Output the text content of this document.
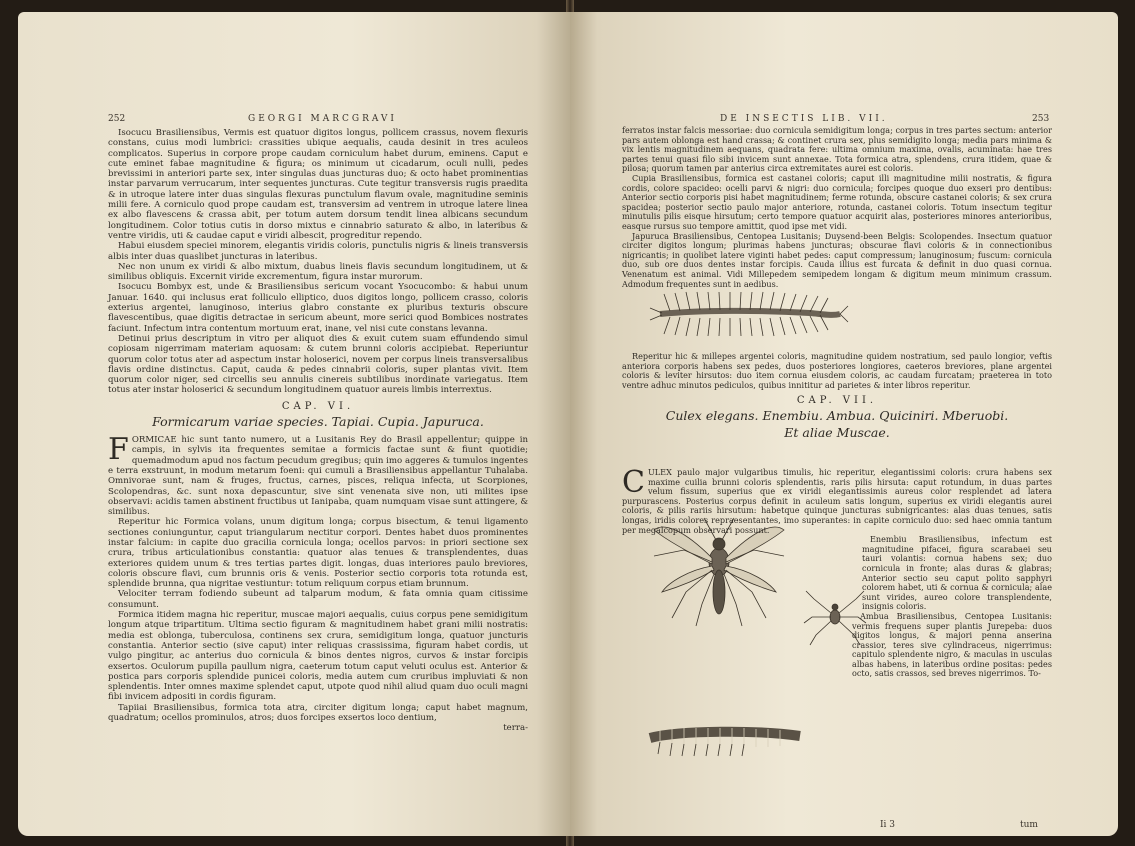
252	GEORGI MARCGRAVI

Isocucu Brasiliensibus, Vermis est quatuor digitos longus, pollicem crassus, novem flexuris constans, cuius modi lumbrici: crassities ubique aequalis, cauda desinit in tres aculeos complicatos. Superius in corpore prope caudam corniculum habet durum, eminens. Caput e cute eminet fabae magnitudine & figura; os minimum ut cicadarum, oculi nulli, pedes brevissimi in anteriori parte sex, inter singulas duas juncturas duo; & octo habet prominentias instar parvarum verrucarum, inter sequentes juncturas. Cute tegitur transversis rugis praedita & in utroque latere inter duas singulas flexuras punctulum flavum ovale, magnitudine seminis milii fere. A corniculo quod prope caudam est, transversim ad ventrem in utroque latere linea ex albo flavescens & crassa abit, per totum autem dorsum tendit linea albicans secundum longitudinem. Color totius cutis in dorso mixtus e cinnabrio saturato & albo, in lateribus & ventre viridis, uti & caudae caput e viridi albescit, progreditur rependo.

Habui eiusdem speciei minorem, elegantis viridis coloris, punctulis nigris & lineis transversis albis inter duas quaslibet juncturas in lateribus.

Nec non unum ex viridi & albo mixtum, duabus lineis flavis secundum longitudinem, ut & similibus obliquis. Excernit viride excrementum, figura instar murorum.

Isocucu Bombyx est, unde & Brasiliensibus sericum vocant Ysocucombo: & habui unum Januar. 1640. qui inclusus erat folliculo elliptico, duos digitos longo, pollicem crasso, coloris exterius argentei, lanuginoso, interius glabro constante ex pluribus texturis obscure flavescentibus, quae digitis detractae in sericum abeunt, more serici quod Bombices nostrates faciunt. Infectum intra contentum mortuum erat, inane, vel nisi cute constans levanna.

Detinui prius descriptum in vitro per aliquot dies & exuit cutem suam effundendo simul copiosam nigerrimam materiam aquosam: & cutem brunni coloris accipiebat. Reperiuntur quorum color totus ater ad aspectum instar holoserici, novem per corpus lineis transversalibus flavis ordine distinctus. Caput, cauda & pedes cinnabrii coloris, super plantas vivit. Item quorum color niger, sed circellis seu annulis cinereis subtilibus inordinate variegatus. Item totus ater instar holoserici & secundum longitudinem quatuor aureis limbis interrextus.

CAP. VI.
Formicarum variae species. Tapiai. Cupia. Japuruca.

FORMICAE hic sunt tanto numero, ut a Lusitanis Rey do Brasil appellentur; quippe in campis, in sylvis ita frequentes semitae a formicis factae sunt & fiunt quotidie; quemadmodum apud nos factum pecudum gregibus; quin imo aggeres & tumulos ingentes e terra exstruunt, in modum metarum foeni: qui cumuli a Brasiliensibus appellantur Tuhalaba. Omnivorae sunt, nam & fruges, fructus, carnes, pisces, reliqua infecta, ut Scorpiones, Scolopendras, &c. sunt noxa depascuntur, sive sint venenata sive non, uti milites ipse observavi: acidis tamen abstinent fructibus ut Ianipaba, quam numquam visae sunt attingere, & similibus.

Reperitur hic Formica volans, unum digitum longa; corpus bisectum, & tenui ligamento sectiones coniunguntur, caput triangularum nectitur corpori. Dentes habet duos prominentes instar falcium: in capite duo gracilia cornicula longa; ocellos parvos: in priori sectione sex crura, tribus articulationibus constantia: quatuor alas tenues & transplendentes, duas exteriores quidem unum & tres tertias partes digit. longas, duas interiores paulo breviores, coloris obscure flavi, cum brunnis oris & venis. Posterior sectio corporis tota rotunda est, splendide brunna, qua nigritae vestiuntur: totum reliquum corpus etiam brunnum.

Velociter terram fodiendo subeunt ad talparum modum, & fata omnia quam citissime consumunt.

Formica itidem magna hic reperitur, muscae majori aequalis, cuius corpus pene semidigitum longum atque tripartitum. Ultima sectio figuram & magnitudinem habet grani milii nostratis: media est oblonga, tuberculosa, continens sex crura, semidigitum longa, quatuor juncturis constantia. Anterior sectio (sive caput) inter reliquas crassissima, figuram habet cordis, ut vulgo pingitur, ac anterius duo cornicula & binos dentes nigros, curvos & instar forcipis exsertos. Oculorum pupilla paullum nigra, caeterum totum caput veluti oculus est. Anterior & postica pars corporis splendide punicei coloris, media autem cum cruribus impluviati & non splendentis. Inter omnes maxime splendet caput, utpote quod nihil aliud quam duo oculi magni fibi invicem adpositi in cordis figuram.

Tapiiai Brasiliensibus, formica tota atra, circiter digitum longa; caput habet magnum, quadratum; ocellos prominulos, atros; duos forcipes exsertos loco dentium,

terra-
DE INSECTIS LIB. VII.	253

ferratos instar falcis messoriae: duo cornicula semidigitum longa; corpus in tres partes sectum: anterior pars autem oblonga est hand crassa; & continet crura sex, plus semidigito longa; media pars minima & vix lentis magnitudinem aequans, quadrata fere: ultima omnium maxima, ovalis, acuminata: hae tres partes tenui quasi filo sibi invicem sunt annexae. Tota formica atra, splendens, crura itidem, quae & pilosa; quorum tamen par anterius circa extremitates aurei est coloris.

Cupia Brasiliensibus, formica est castanei coloris; caput illi magnitudine milii nostratis, & figura cordis, colore spacideo: ocelli parvi & nigri: duo cornicula; forcipes quoque duo exseri pro dentibus: Anterior sectio corporis pisi habet magnitudinem; ferme rotunda, obscure castanei coloris; & sex crura spacidea; posterior sectio paulo major anteriore, rotunda, castanei coloris. Totum insectum tegitur minutulis pilis eisque hirsutum; certo tempore quatuor acquirit alas, posteriores minores anterioribus, easque rursus suo tempore amittit, quod ipse met vidi.

Japuruca Brasiliensibus, Centopea Lusitanis; Duysend-been Belgis: Scolopendes. Insectum quatuor circiter digitos longum; plurimas habens juncturas; obscurae flavi coloris & in connectionibus nigricantis; in quolibet latere viginti habet pedes: caput compressum; lanuginosum; fuscum: cornicula duo, sub ore duos dentes instar forcipis. Cauda illius est furcata & definit in duo quasi cornua. Venenatum est animal. Vidi Millepedem semipedem longam & digitum meum minimum crassum. Admodum frequentes sunt in aedibus.

Reperitur hic & millepes argentei coloris, magnitudine quidem nostratium, sed paulo longior, veftis anteriora corporis habens sex pedes, duos posteriores longiores, caeteros breviores, plane argentei coloris & leviter hirsutos: duo item cornua eiusdem coloris, ac caudam furcatam; praeterea in toto ventre adhuc minutos pediculos, quibus innititur ad parietes & inter libros reperitur.

CAP. VII.
Culex elegans. Enembiu. Ambua. Quiciniri. Mberuobi.
Et aliae Muscae.

CULEX paulo major vulgaribus timulis, hic reperitur, elegantissimi coloris: crura habens sex maxime cuilia brunni coloris splendentis, raris pilis hirsuta: caput rotundum, in duas partes velum fissum, superius que ex viridi elegantissimis aureus color resplendet ad latera purpurascens. Posterius corpus definit in aculeum satis longum, superius ex viridi elegantis aurei coloris, & pilis rariis hirsutum: habetque quinque juncturas subnigricantes: alas duas tenues, satis longas, iridis colores repraesentantes, imo superantes: in capite corniculo duo: sed haec omnia tantum per megalcopum observari possunt.

Enembiu Brasiliensibus, infectum est magnitudine pifacei, figura scarabaei seu tauri volantis: cornua habens sex; duo cornicula in fronte; alas duras & glabras; Anterior sectio seu caput polito sapphyri colorem habet, uti & cornua & cornicula; alae sunt virides, aureo colore transplendente, insignis coloris.

Ambua Brasiliensibus, Centopea Lusitanis: vermis frequens super plantis Jurepeba: duos digitos longus, & majori penna anserina crassior, teres sive cylindraceus, nigerrimus: capitulo splendente nigro, & maculas in usculas albas habens, in lateribus ordine positas: pedes octo, satis crassos, sed breves nigerrimos. To-

Ii 3	tum
